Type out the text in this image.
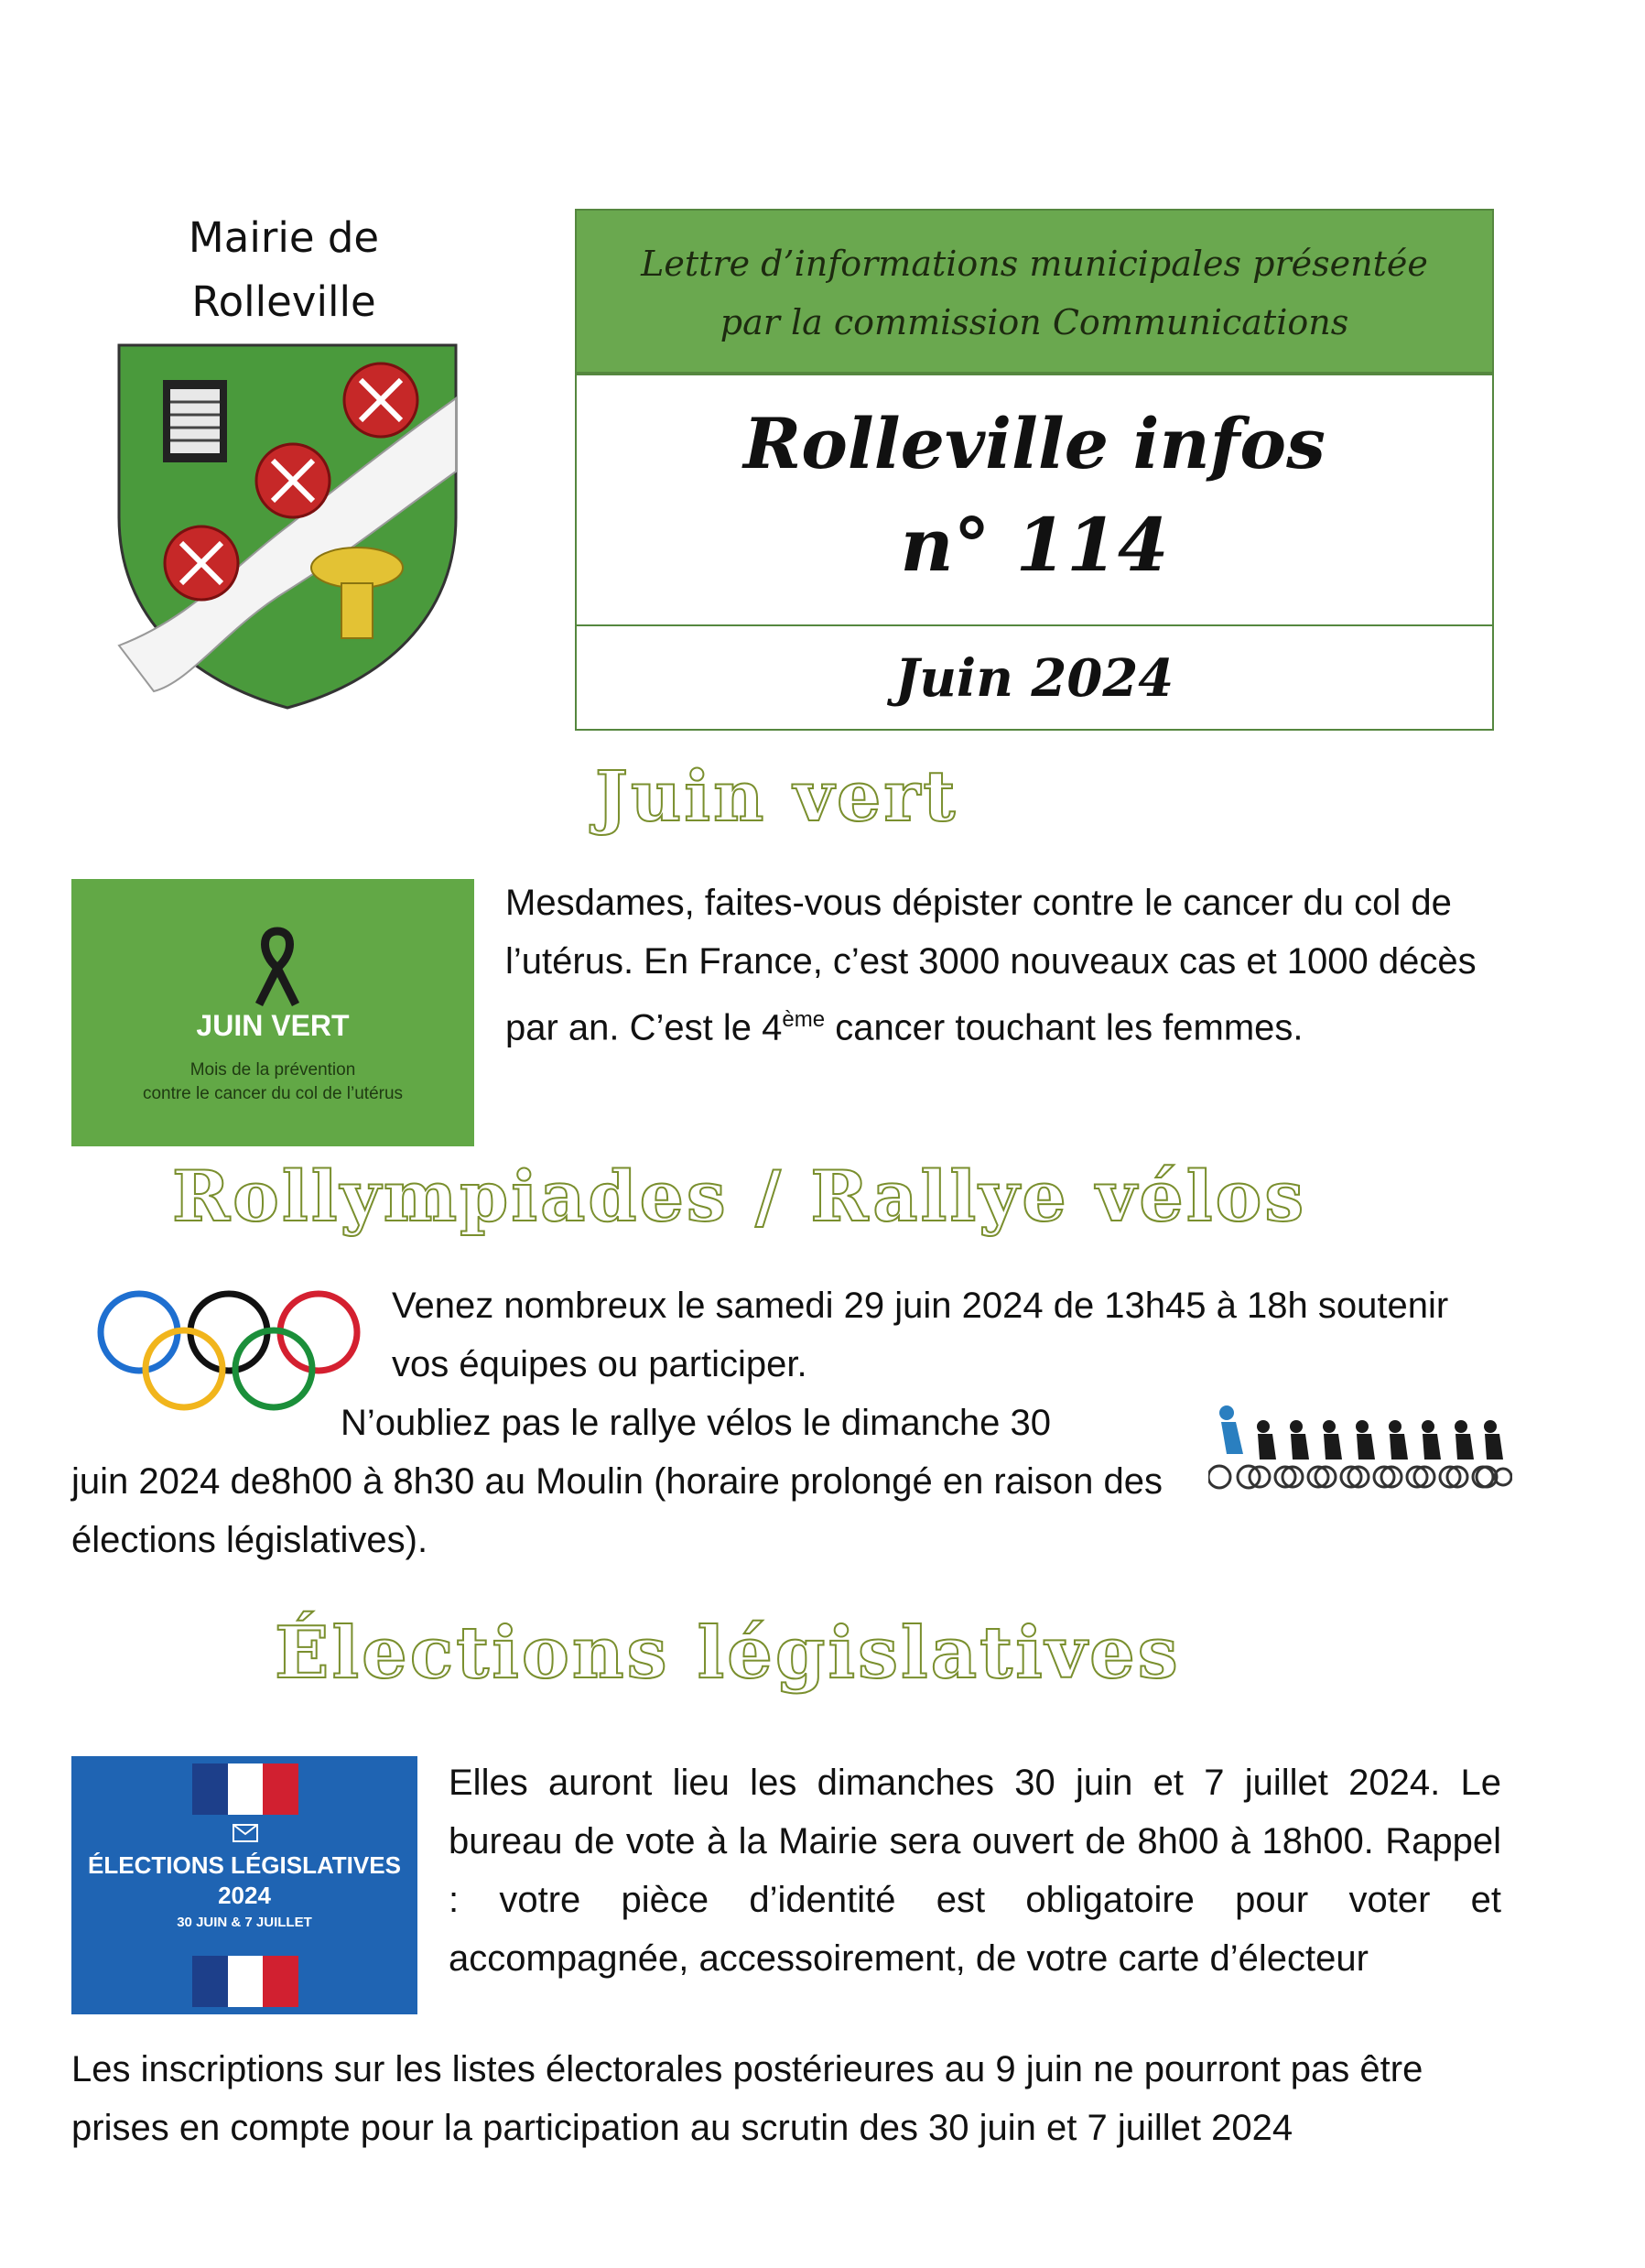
Mairie de
Rolleville
Lettre d’informations municipales présentée
par la commission Communications
Rolleville infos
n° 114
Juin 2024
Juin vert
JUIN VERT
Mois de la prévention
contre le cancer du col de l’utérus
Mesdames, faites-vous dépister contre le cancer du col de l’utérus. En France, c’est 3000 nouveaux cas et 1000 décès par an. C’est le 4ème cancer touchant les femmes.
Rollympiades / Rallye vélos
Venez nombreux le samedi 29 juin 2024 de 13h45 à 18h soutenir vos équipes ou participer.
N’oubliez pas le rallye vélos le dimanche 30
juin 2024 de8h00 à 8h30 au Moulin (horaire prolongé en raison des élections législatives).
Élections législatives
ÉLECTIONS LÉGISLATIVES
2024
30 JUIN & 7 JUILLET
Elles auront lieu les dimanches 30 juin et 7 juillet 2024. Le bureau de vote à la Mairie sera ouvert de 8h00 à 18h00. Rappel : votre pièce d’identité est obligatoire pour voter et accompagnée, accessoirement, de votre carte d’électeur
Les inscriptions sur les listes électorales postérieures au 9 juin ne pourront pas être prises en compte pour la participation au scrutin des 30 juin et 7 juillet 2024
